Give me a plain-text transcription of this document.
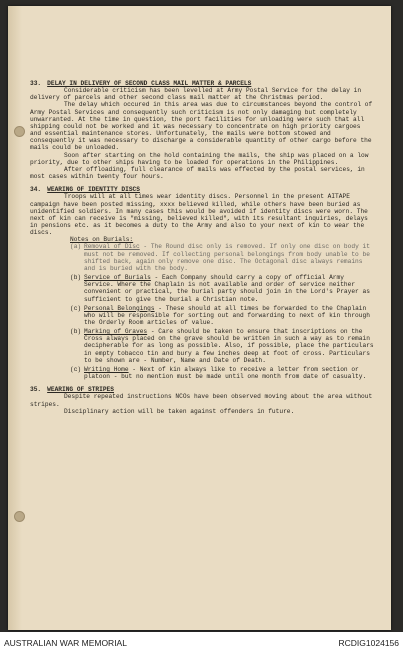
33. DELAY IN DELIVERY OF SECOND CLASS MAIL MATTER & PARCELS

Considerable criticism has been levelled at Army Postal Service for the delay in delivery of parcels and other second class mail matter at the Christmas period.

The delay which occured in this area was due to circumstances beyond the control of Army Postal Services and consequently such criticism is not only damaging but completely unwarranted. At the time in question, the port facilities for unloading were such that all shipping could not be worked and it was necessary to concentrate on high priority cargoes and essential maintenance stores. Unfortunately, the mails were bottom stowed and consequently it was necessary to discharge a considerable quantity of other cargo before the mails could be unloaded.

Soon after starting on the hold containing the mails, the ship was placed on a low priority, due to other ships having to be loaded for operations in the Philippines.

After offloading, full clearance of mails was effected by the postal services, in most cases within twenty four hours.

34. WEARING OF IDENTITY DISCS

Troops will at all times wear identity discs. Personnel in the present AITAPE campaign have been posted missing, xxxx believed killed, while others have been buried as unidentified soldiers. In many cases this would be avoided if identity discs were worn. The next of kin can receive is "missing, believed killed", with its resultant inquiries, delays in pensions etc. as it becomes a duty to the Army and also to your next of kin to wear the discs.

Notes on Burials:
(a) Removal of Disc - The Round disc only is removed. If only one disc on body it must not be removed. If collecting personal belongings from body unable to be shifted back, again only remove one disc. The Octagonal disc always remains and is buried with the body.
(b) Service of Burials - Each Company should carry a copy of official Army Service. Where the Chaplain is not available and order of service neither convenient or practical, the burial party should join in the Lord's Prayer as sufficient to give the burial a Christian note.
(c) Personal Belongings - These should at all times be forwarded to the Chaplain who will be responsible for sorting out and forwarding to next of kin through the Orderly Room articles of value.
(b) Marking of Graves - Care should be taken to ensure that inscriptions on the Cross always placed on the grave should be written in such a way as to remain decipherable for as long as possible. Also, if possible, place the particulars in empty tobacco tin and bury a few inches deep at foot of cross. Particulars to be shown are - Number, Name and Date of Death.
(c) Writing Home - Next of kin always like to receive a letter from section or platoon - but no mention must be made until one month from date of casualty.
35. WEARING OF STRIPES

Despite repeated instructions NCOs have been observed moving about the area without stripes.

Disciplinary action will be taken against offenders in future.

AUSTRALIAN WAR MEMORIAL	RCDIG1024156
